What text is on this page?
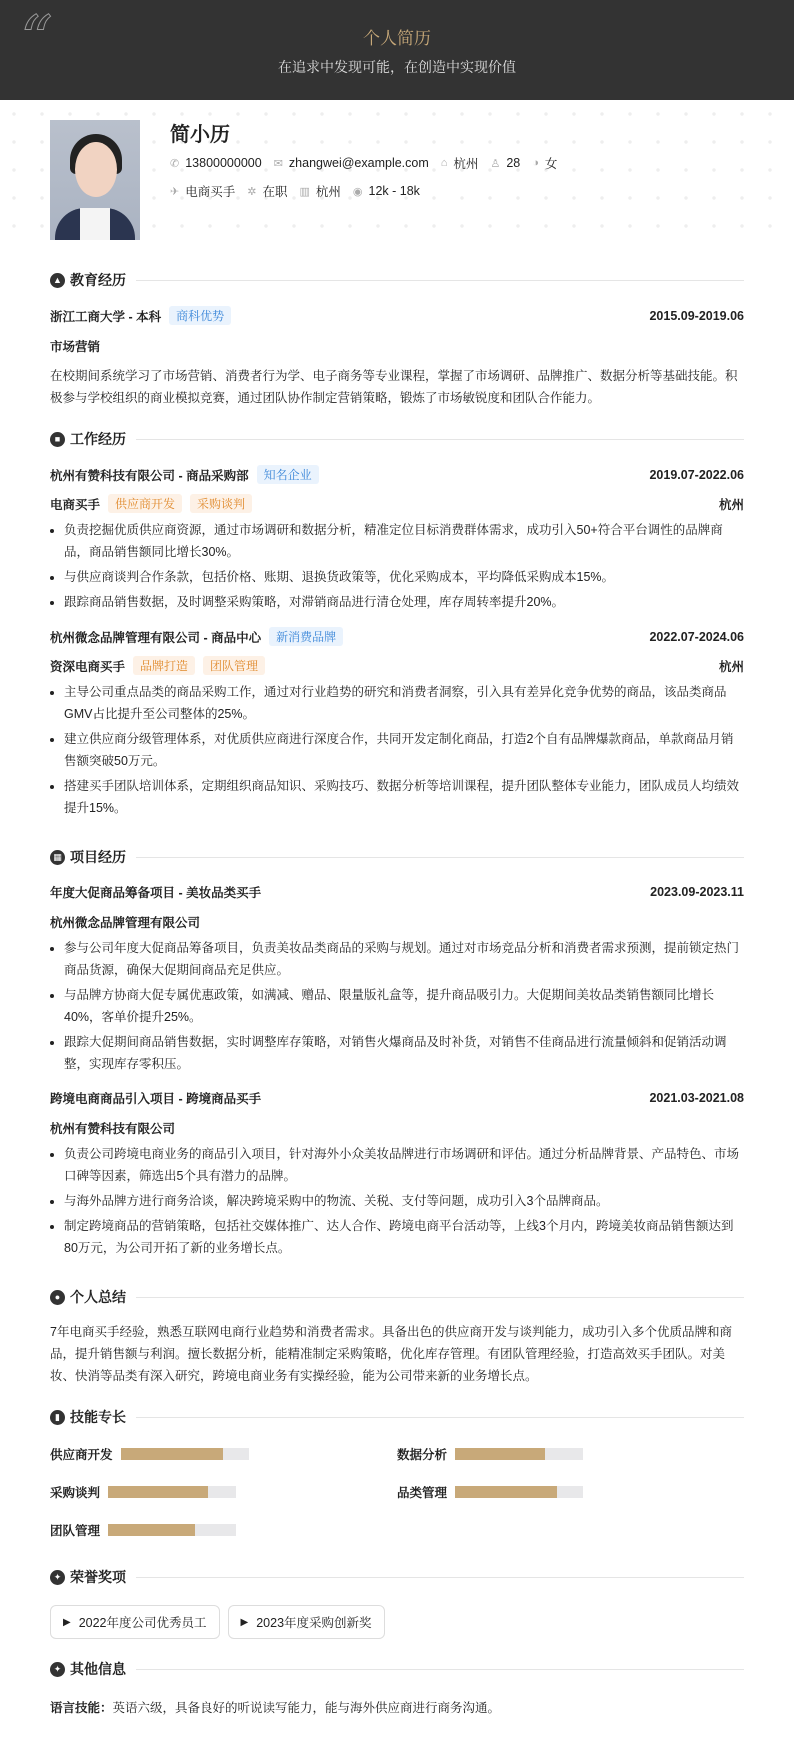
“	个人简历
在追求中发现可能，在创造中实现价值
简小历
✆ 13800000000 ✉ zhangwei@example.com ⌂ 杭州 ♙ 28 ◑ 女
✈ 电商买手 ✲ 在职 ▥ 杭州 ◉ 12k - 18k
▲ 教育经历
浙江工商大学 - 本科	商科优势	2015.09-2019.06
市场营销
在校期间系统学习了市场营销、消费者行为学、电子商务等专业课程，掌握了市场调研、品牌推广、数据分析等基础技能。积极参与学校组织的商业模拟竞赛，通过团队协作制定营销策略，锻炼了市场敏锐度和团队合作能力。
■ 工作经历
杭州有赞科技有限公司 - 商品采购部	知名企业	2019.07-2022.06
电商买手	供应商开发	采购谈判	杭州
• 负责挖掘优质供应商资源，通过市场调研和数据分析，精准定位目标消费群体需求，成功引入50+符合平台调性的品牌商品，商品销售额同比增长30%。
• 与供应商谈判合作条款，包括价格、账期、退换货政策等，优化采购成本，平均降低采购成本15%。
• 跟踪商品销售数据，及时调整采购策略，对滞销商品进行清仓处理，库存周转率提升20%。
杭州微念品牌管理有限公司 - 商品中心	新消费品牌	2022.07-2024.06
资深电商买手	品牌打造	团队管理	杭州
• 主导公司重点品类的商品采购工作，通过对行业趋势的研究和消费者洞察，引入具有差异化竞争优势的商品，该品类商品GMV占比提升至公司整体的25%。
• 建立供应商分级管理体系，对优质供应商进行深度合作，共同开发定制化商品，打造2个自有品牌爆款商品，单款商品月销售额突破50万元。
• 搭建买手团队培训体系，定期组织商品知识、采购技巧、数据分析等培训课程，提升团队整体专业能力，团队成员人均绩效提升15%。
▦ 项目经历
年度大促商品筹备项目 - 美妆品类买手	2023.09-2023.11
杭州微念品牌管理有限公司
• 参与公司年度大促商品筹备项目，负责美妆品类商品的采购与规划。通过对市场竞品分析和消费者需求预测，提前锁定热门商品货源，确保大促期间商品充足供应。
• 与品牌方协商大促专属优惠政策，如满减、赠品、限量版礼盒等，提升商品吸引力。大促期间美妆品类销售额同比增长40%，客单价提升25%。
• 跟踪大促期间商品销售数据，实时调整库存策略，对销售火爆商品及时补货，对销售不佳商品进行流量倾斜和促销活动调整，实现库存零积压。
跨境电商商品引入项目 - 跨境商品买手	2021.03-2021.08
杭州有赞科技有限公司
• 负责公司跨境电商业务的商品引入项目，针对海外小众美妆品牌进行市场调研和评估。通过分析品牌背景、产品特色、市场口碑等因素，筛选出5个具有潜力的品牌。
• 与海外品牌方进行商务洽谈，解决跨境采购中的物流、关税、支付等问题，成功引入3个品牌商品。
• 制定跨境商品的营销策略，包括社交媒体推广、达人合作、跨境电商平台活动等，上线3个月内，跨境美妆商品销售额达到80万元，为公司开拓了新的业务增长点。
● 个人总结
7年电商买手经验，熟悉互联网电商行业趋势和消费者需求。具备出色的供应商开发与谈判能力，成功引入多个优质品牌和商品，提升销售额与利润。擅长数据分析，能精准制定采购策略，优化库存管理。有团队管理经验，打造高效买手团队。对美妆、快消等品类有深入研究，跨境电商业务有实操经验，能为公司带来新的业务增长点。
▮ 技能专长
供应商开发	数据分析
采购谈判	品类管理
团队管理
✦ 荣誉奖项
▶ 2022年度公司优秀员工	▶ 2023年度采购创新奖
✦ 其他信息
语言技能：英语六级，具备良好的听说读写能力，能与海外供应商进行商务沟通。
